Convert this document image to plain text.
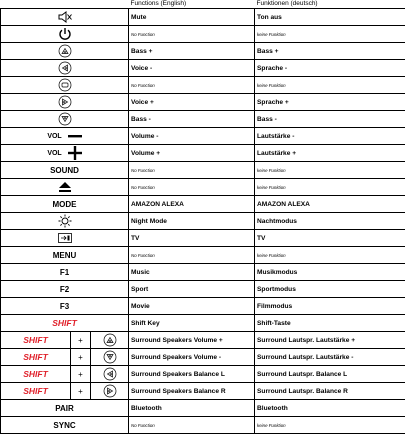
			Functions (English)	Funktionen (deutsch)
	Mute	Ton aus
	No Function	keine Funktion
	Bass +	Bass +
	Voice -	Sprache -
	No Function	keine Funktion
	Voice +	Sprache +
	Bass -	Bass -

VOL			Volume -	Lautstärke -

VOL			Volume +	Lautstärke +
SOUND			No Function	keine Funktion
	No Function	keine Funktion
MODE			AMAZON ALEXA	AMAZON ALEXA
	Night Mode	Nachtmodus
	TV	TV
MENU			No Function	keine Funktion
F1			Music	Musikmodus
F2			Sport	Sportmodus
F3			Movie	Filmmodus
SHIFT			Shift Key	Shift-Taste
SHIFT	+		Surround Speakers Volume +	Surround Lautspr. Lautstärke +
SHIFT	+		Surround Speakers Volume -	Surround Lautspr. Lautstärke -
SHIFT	+		Surround Speakers Balance L	Surround Lautspr. Balance L
SHIFT	+		Surround Speakers Balance R	Surround Lautspr. Balance R
PAIR			Bluetooth	Bluetooth
SYNC			No Function	keine Funktion
